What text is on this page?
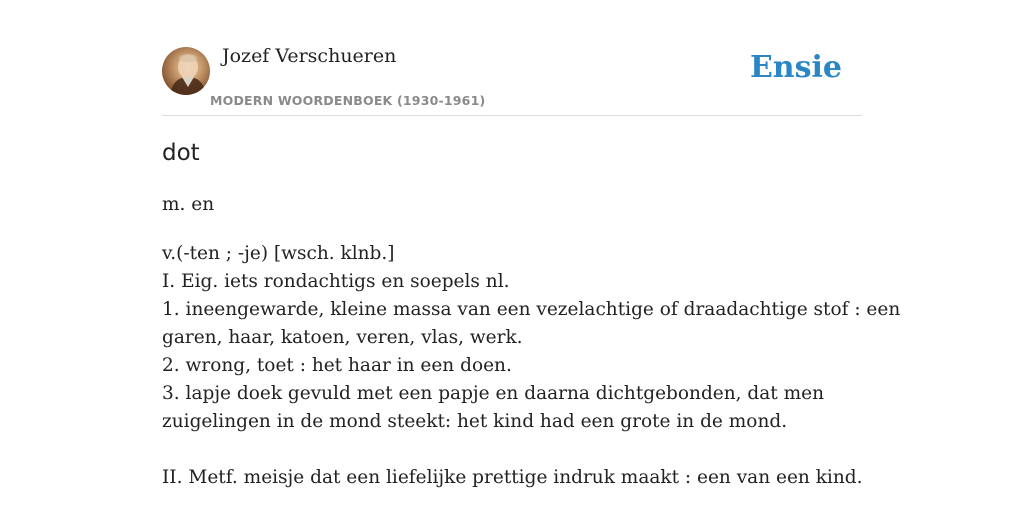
Jozef Verschueren
MODERN WOORDENBOEK (1930-1961)
Ensie
dot
m. en
v.(-ten ; -je) [wsch. klnb.]
I. Eig. iets rondachtigs en soepels nl.
1. ineengewarde, kleine massa van een vezelachtige of draadachtige stof : een
garen, haar, katoen, veren, vlas, werk.
2. wrong, toet : het haar in een doen.
3. lapje doek gevuld met een papje en daarna dichtgebonden, dat men
zuigelingen in de mond steekt: het kind had een grote in de mond.
II. Metf. meisje dat een liefelijke prettige indruk maakt : een van een kind.
